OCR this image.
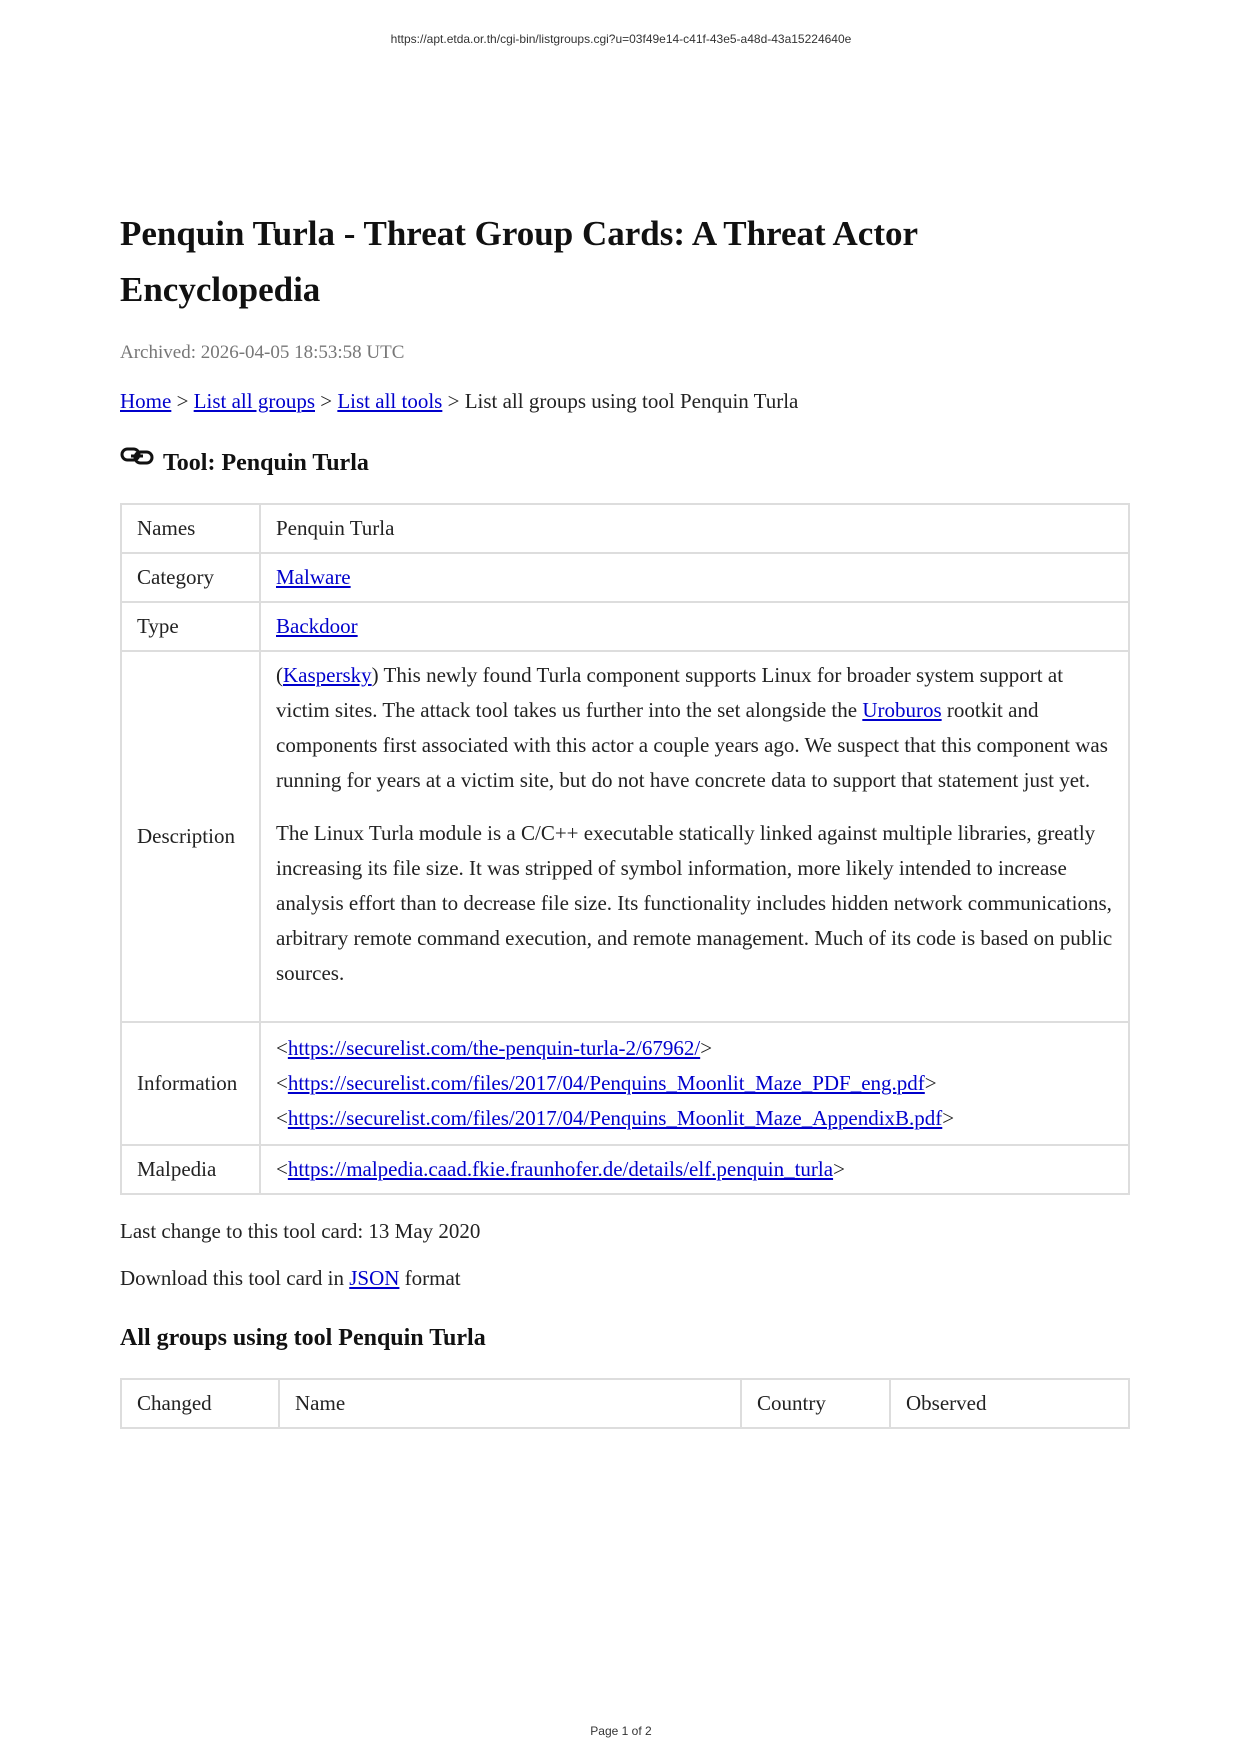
https://apt.etda.or.th/cgi-bin/listgroups.cgi?u=03f49e14-c41f-43e5-a48d-43a15224640e
Penquin Turla - Threat Group Cards: A Threat Actor Encyclopedia
Archived: 2026-04-05 18:53:58 UTC
Home > List all groups > List all tools > List all groups using tool Penquin Turla
Tool: Penquin Turla
Names	Penquin Turla
Category	Malware
Type	Backdoor
Description	(Kaspersky) This newly found Turla component supports Linux for broader system support at victim sites. The attack tool takes us further into the set alongside the Uroburos rootkit and components first associated with this actor a couple years ago. We suspect that this component was running for years at a victim site, but do not have concrete data to support that statement just yet.

The Linux Turla module is a C/C++ executable statically linked against multiple libraries, greatly increasing its file size. It was stripped of symbol information, more likely intended to increase analysis effort than to decrease file size. Its functionality includes hidden network communications, arbitrary remote command execution, and remote management. Much of its code is based on public sources.

Information	<https://securelist.com/the-penquin-turla-2/67962/>
<https://securelist.com/files/2017/04/Penquins_Moonlit_Maze_PDF_eng.pdf>
<https://securelist.com/files/2017/04/Penquins_Moonlit_Maze_AppendixB.pdf>

Malpedia	<https://malpedia.caad.fkie.fraunhofer.de/details/elf.penquin_turla>
Last change to this tool card: 13 May 2020
Download this tool card in JSON format
All groups using tool Penquin Turla
Changed	Name	Country	Observed
Page 1 of 2
